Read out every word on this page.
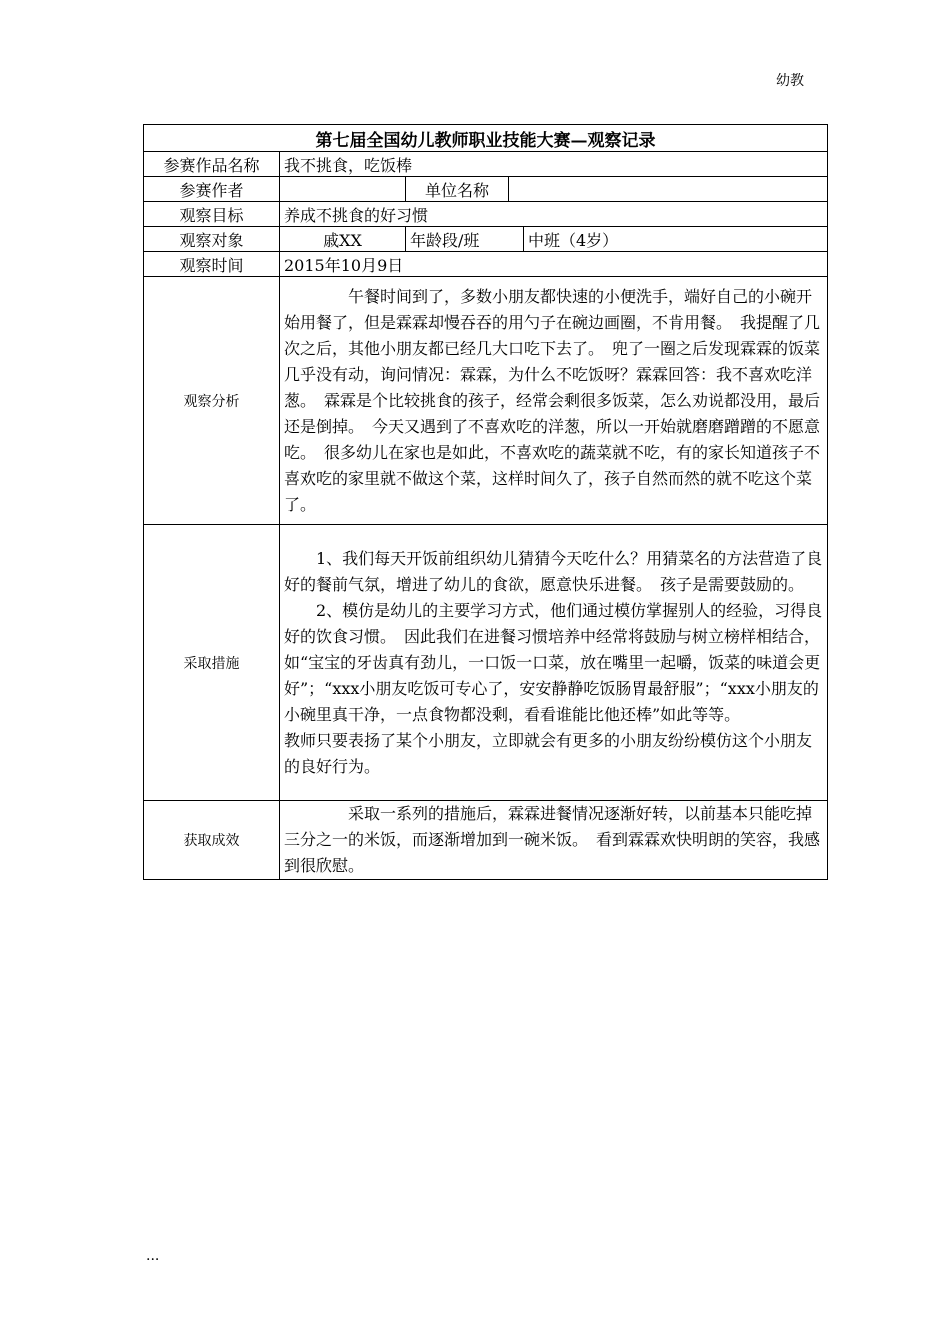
幼教
第七届全国幼儿教师职业技能大赛—观察记录				
参赛作品名称	我不挑食，吃饭棒			
参赛作者		单位名称		
观察目标	养成不挑食的好习惯			
观察对象	戚XX	年龄段/班		中班（4岁）
观察时间	2015年10月9日			
观察分析	　　　　午餐时间到了，多数小朋友都快速的小便洗手，端好自己的小碗开始用餐了，但是霖霖却慢吞吞的用勺子在碗边画圈，不肯用餐。　我提醒了几次之后，其他小朋友都已经几大口吃下去了。　兜了一圈之后发现霖霖的饭菜几乎没有动，询问情况：霖霖，为什么不吃饭呀？霖霖回答：我不喜欢吃洋葱。　霖霖是个比较挑食的孩子，经常会剩很多饭菜，怎么劝说都没用，最后还是倒掉。　今天又遇到了不喜欢吃的洋葱，所以一开始就磨磨蹭蹭的不愿意吃。　很多幼儿在家也是如此，不喜欢吃的蔬菜就不吃，有的家长知道孩子不喜欢吃的家里就不做这个菜，这样时间久了，孩子自然而然的就不吃这个菜了。			

采取措施	　　1、我们每天开饭前组织幼儿猜猜今天吃什么？用猜菜名的方法营造了良好的餐前气氛，增进了幼儿的食欲，愿意快乐进餐。　孩子是需要鼓励的。

　　2、模仿是幼儿的主要学习方式，他们通过模仿掌握别人的经验，习得良好的饮食习惯。　因此我们在进餐习惯培养中经常将鼓励与树立榜样相结合，如“宝宝的牙齿真有劲儿，一口饭一口菜，放在嘴里一起嚼，饭菜的味道会更好”；“xxx小朋友吃饭可专心了，安安静静吃饭肠胃最舒服”；“xxx小朋友的小碗里真干净，一点食物都没剩，看看谁能比他还棒”如此等等。

教师只要表扬了某个小朋友，立即就会有更多的小朋友纷纷模仿这个小朋友的良好行为。			

获取成效	　　　　采取一系列的措施后，霖霖进餐情况逐渐好转，以前基本只能吃掉三分之一的米饭，而逐渐增加到一碗米饭。　看到霖霖欢快明朗的笑容，我感到很欣慰。			

...
